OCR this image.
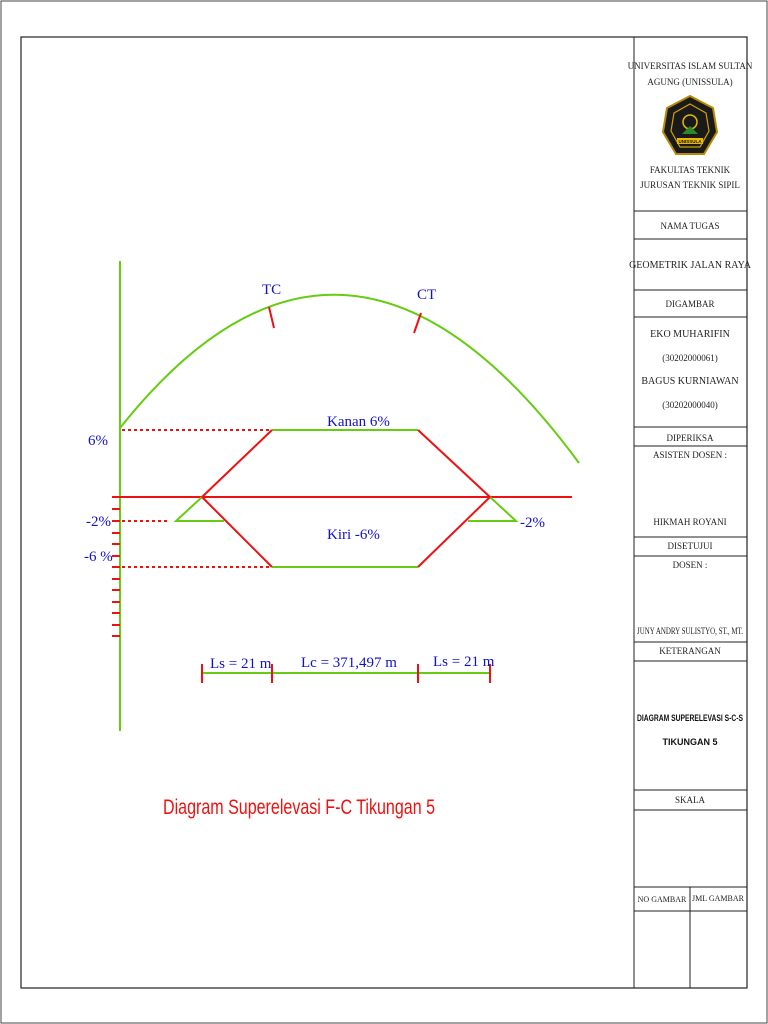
TC	CT
6%
-2%
-6 %
-2%
Kanan 6%
Kiri -6%
Ls = 21 m Lc = 371,497 m Ls = 21 m
Diagram Superelevasi F-C Tikungan 5
UNIVERSITAS ISLAM SULTAN
AGUNG (UNISSULA)
UNISSULA
FAKULTAS TEKNIK
JURUSAN TEKNIK SIPIL
NAMA TUGAS
GEOMETRIK JALAN RAYA
DIGAMBAR
EKO MUHARIFIN
(30202000061)
BAGUS KURNIAWAN
(30202000040)
DIPERIKSA
ASISTEN DOSEN :
HIKMAH ROYANI
DISETUJUI
DOSEN :
JUNY ANDRY SULISTYO, ST., MT.
KETERANGAN
DIAGRAM SUPERELEVASI S-C-S
TIKUNGAN 5
SKALA
NO GAMBAR JML GAMBAR
